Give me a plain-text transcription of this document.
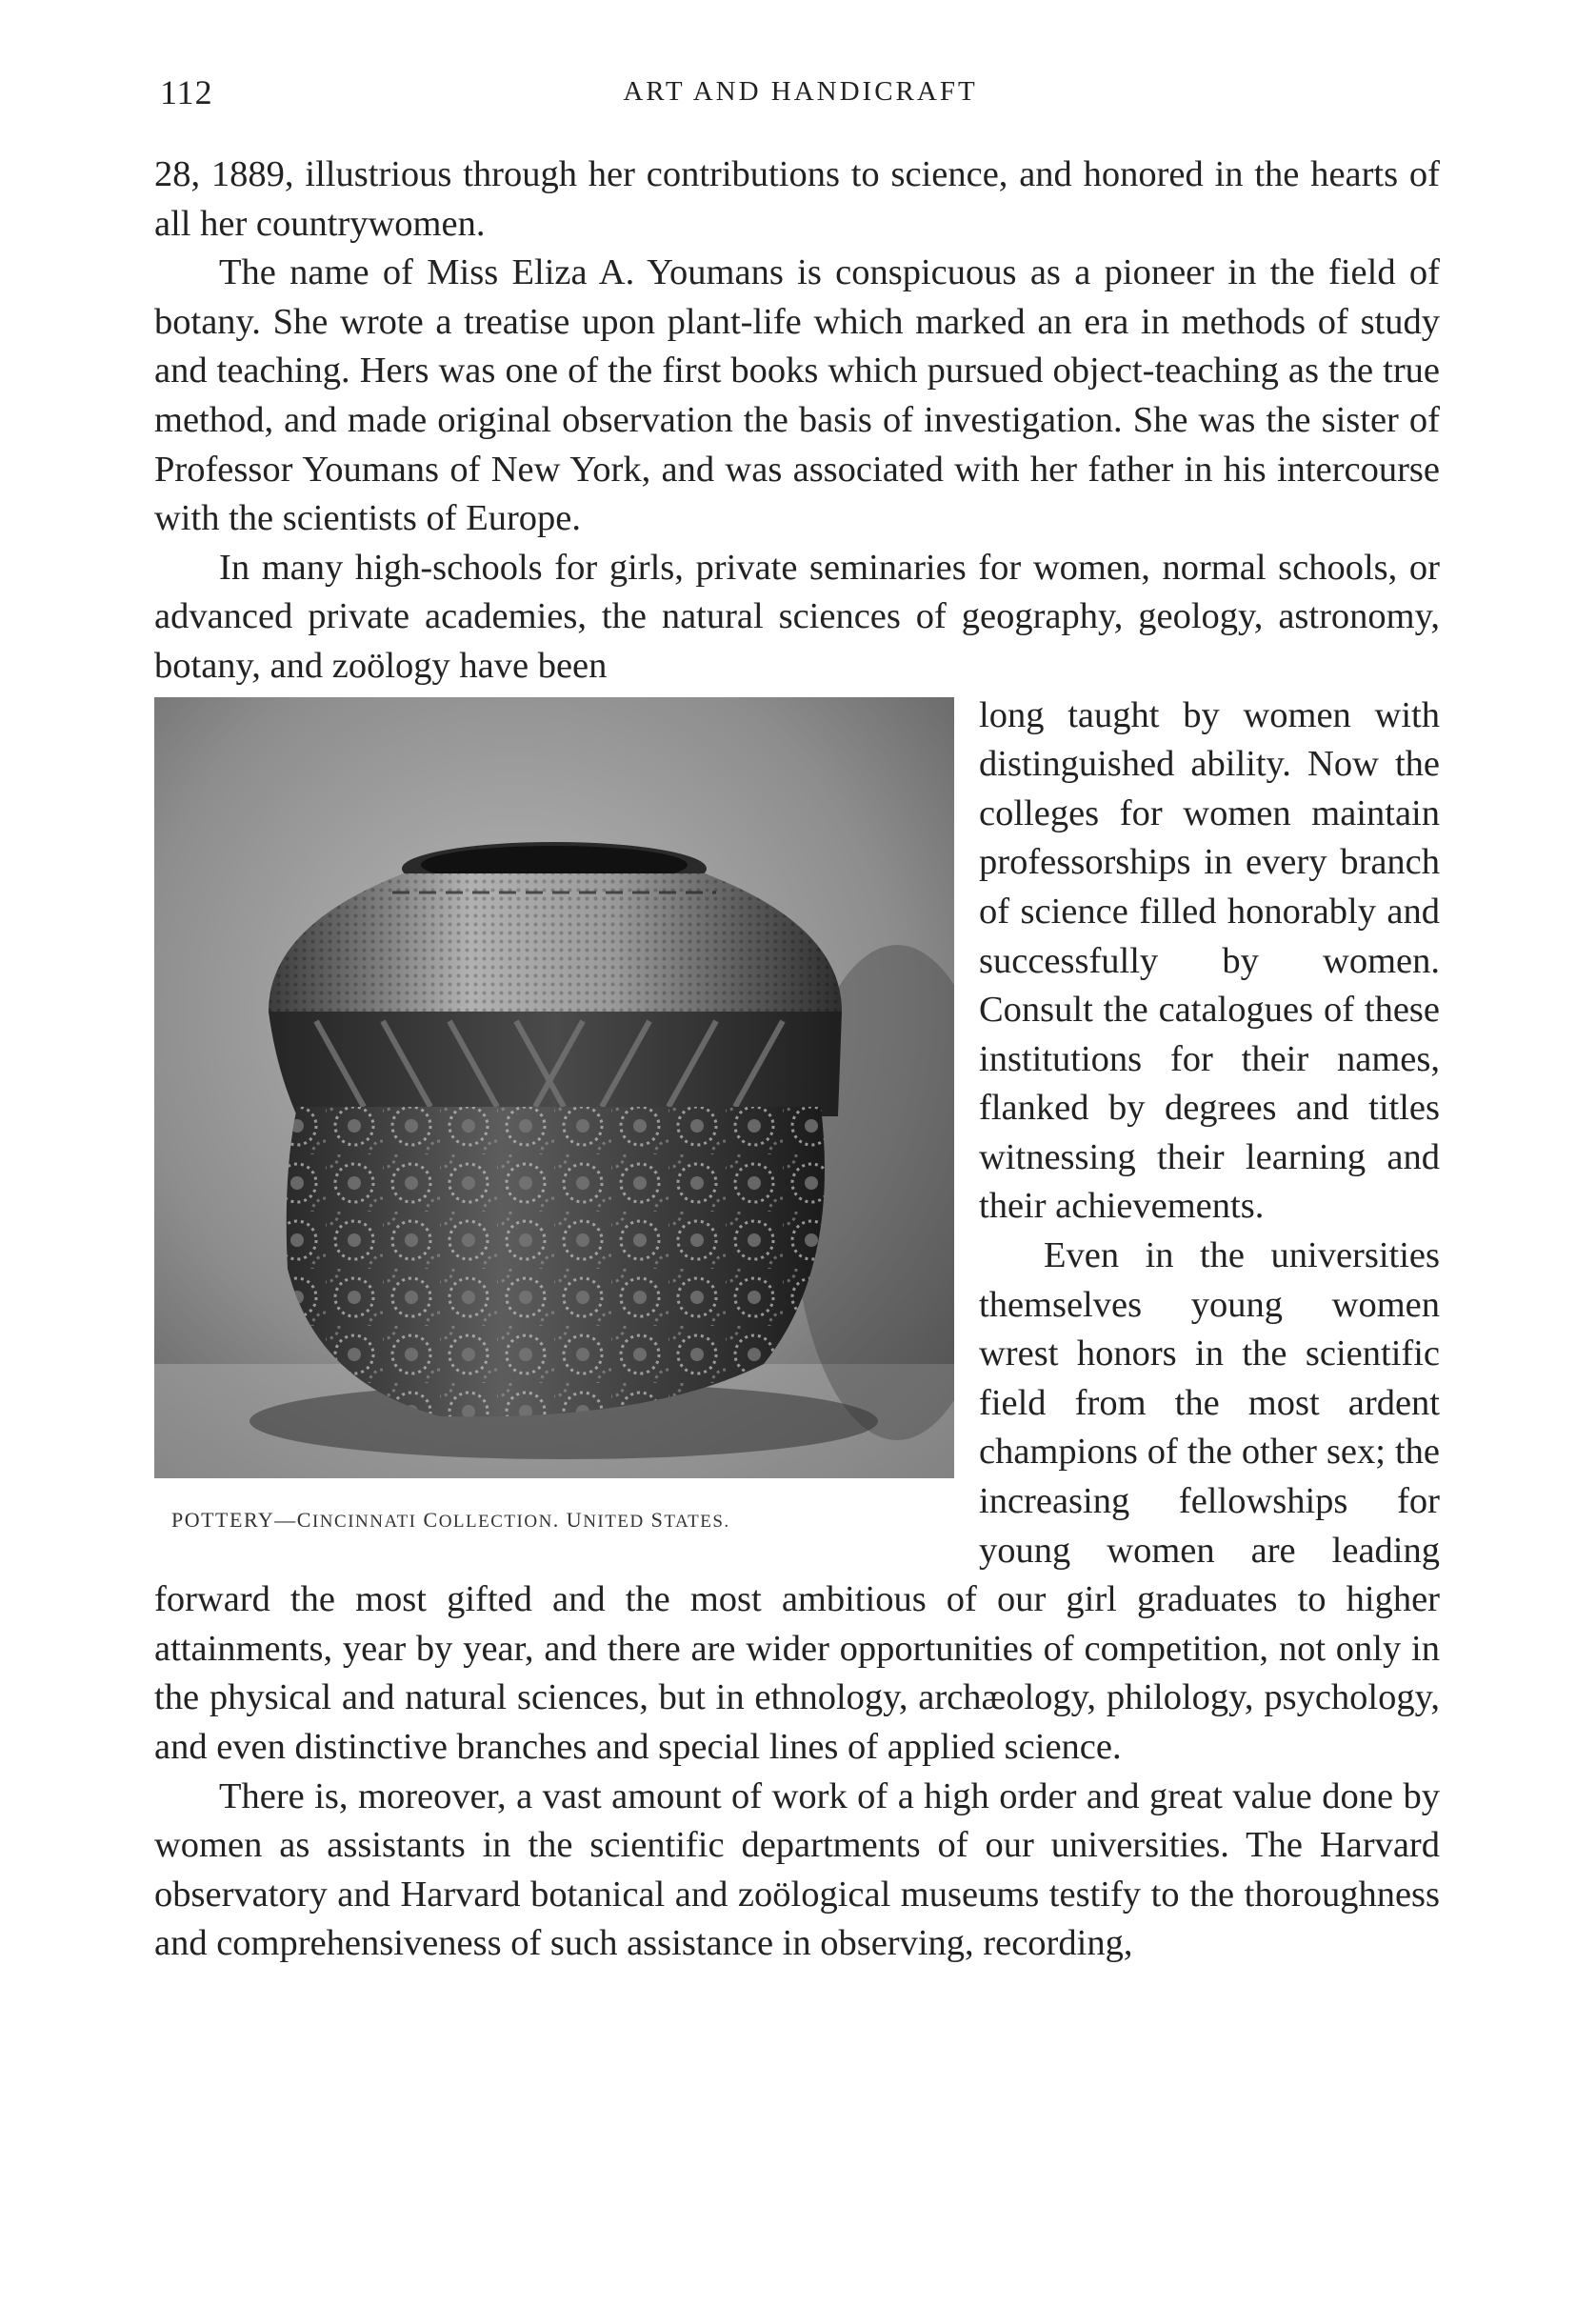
112	ART AND HANDICRAFT

28, 1889, illustrious through her contributions to science, and honored in the hearts of all her countrywomen.

The name of Miss Eliza A. Youmans is conspicuous as a pioneer in the field of botany. She wrote a treatise upon plant-life which marked an era in methods of study and teaching. Hers was one of the first books which pursued object-teaching as the true method, and made original observation the basis of investigation. She was the sister of Professor Youmans of New York, and was associated with her father in his intercourse with the scientists of Europe.

In many high-schools for girls, private seminaries for women, normal schools, or advanced private academies, the natural sciences of geography, geology, astronomy, botany, and zoölogy have been

POTTERY—CINCINNATI COLLECTION. UNITED STATES.

long taught by women with distinguished ability. Now the colleges for women maintain professorships in every branch of science filled honorably and successfully by women. Consult the catalogues of these institutions for their names, flanked by degrees and titles witnessing their learning and their achievements.

Even in the universities themselves young women wrest honors in the scientific field from the most ardent champions of the other sex; the increasing fellowships for young women are leading forward the most gifted and the most ambitious of our girl graduates to higher attainments, year by year, and there are wider opportunities of competition, not only in the physical and natural sciences, but in ethnology, archæology, philology, psychology, and even distinctive branches and special lines of applied science.

There is, moreover, a vast amount of work of a high order and great value done by women as assistants in the scientific departments of our universities. The Harvard observatory and Harvard botanical and zoölogical museums testify to the thoroughness and comprehensiveness of such assistance in observing, recording,
